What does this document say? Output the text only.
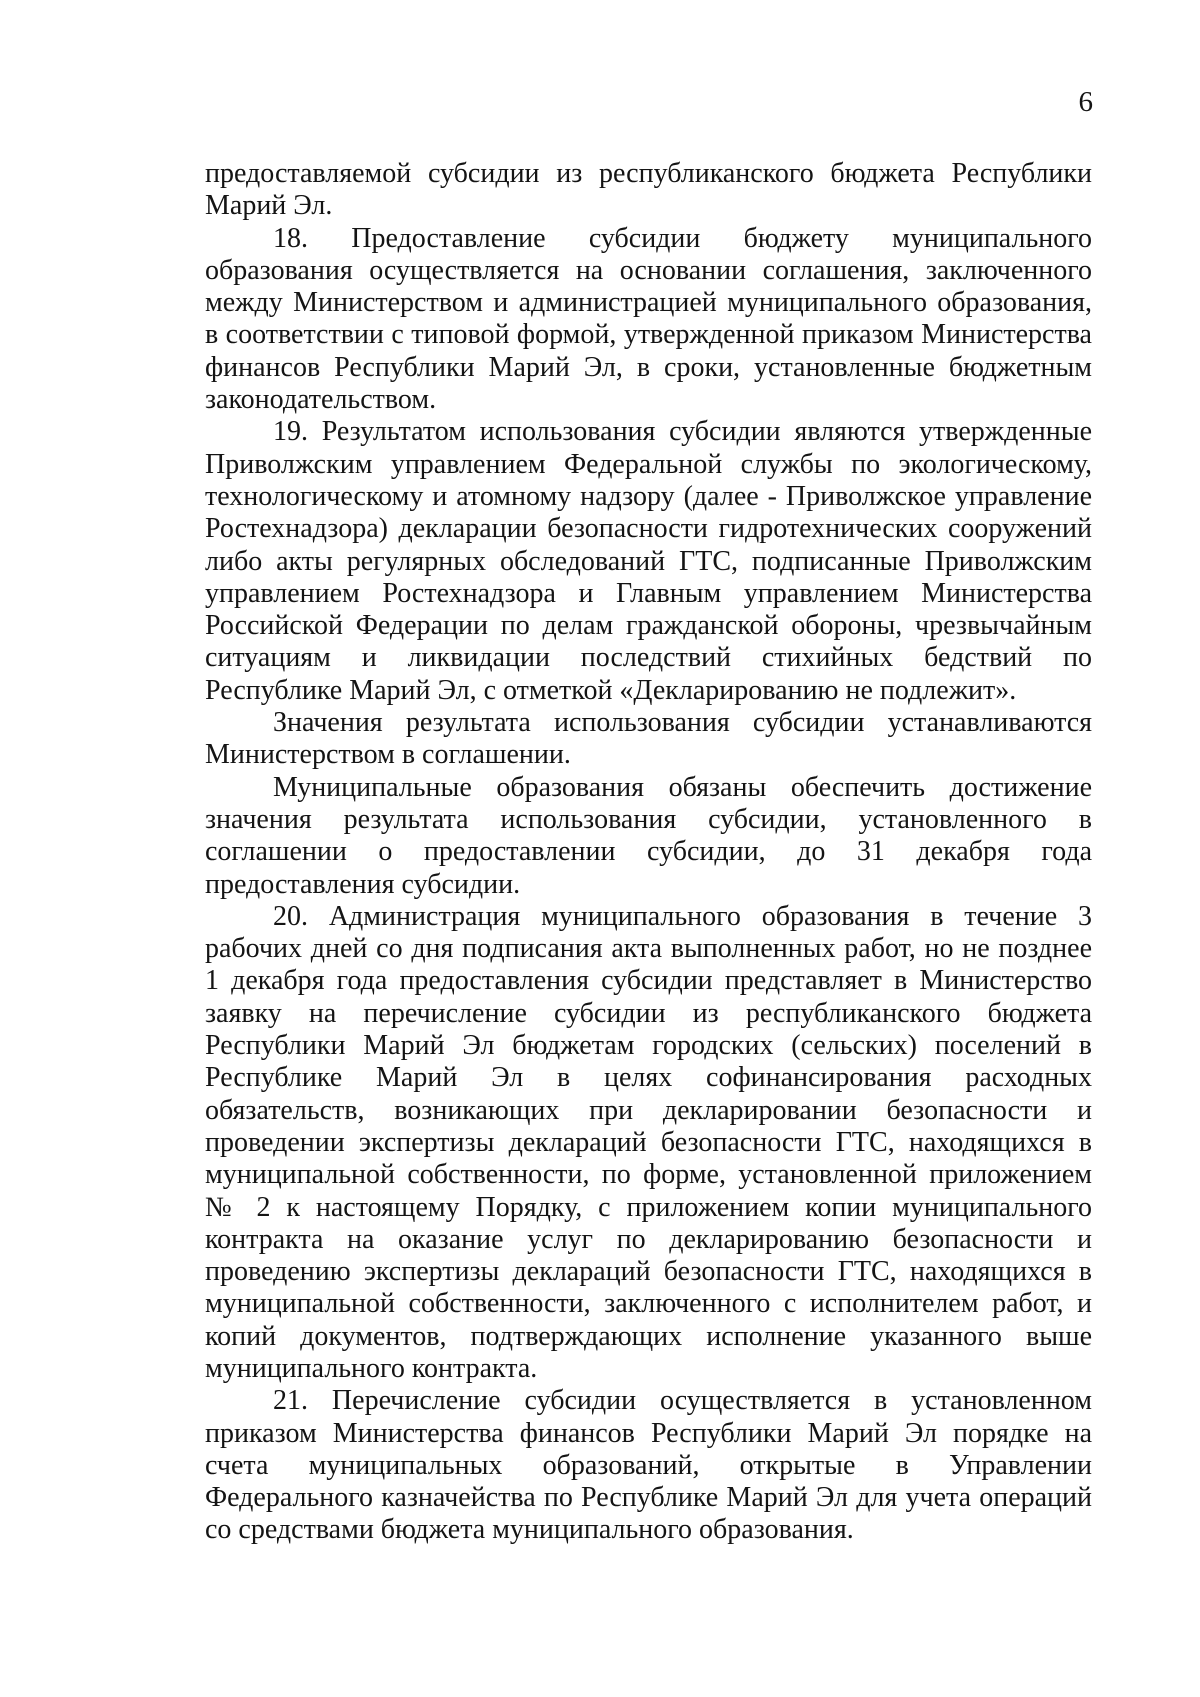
6

предоставляемой субсидии из республиканского бюджета Республики Марий Эл.

18. Предоставление субсидии бюджету муниципального образования осуществляется на основании соглашения, заключенного между Министерством и администрацией муниципального образования, в соответствии с типовой формой, утвержденной приказом Министерства финансов Республики Марий Эл, в сроки, установленные бюджетным законодательством.

19. Результатом использования субсидии являются утвержденные Приволжским управлением Федеральной службы по экологическому, технологическому и атомному надзору (далее - Приволжское управление Ростехнадзора) декларации безопасности гидротехнических сооружений либо акты регулярных обследований ГТС, подписанные Приволжским управлением Ростехнадзора и Главным управлением Министерства Российской Федерации по делам гражданской обороны, чрезвычайным ситуациям и ликвидации последствий стихийных бедствий по Республике Марий Эл, с отметкой «Декларированию не подлежит».

Значения результата использования субсидии устанавливаются Министерством в соглашении.

Муниципальные образования обязаны обеспечить достижение значения результата использования субсидии, установленного в соглашении о предоставлении субсидии, до 31 декабря года предоставления субсидии.

20. Администрация муниципального образования в течение 3 рабочих дней со дня подписания акта выполненных работ, но не позднее 1 декабря года предоставления субсидии представляет в Министерство заявку на перечисление субсидии из республиканского бюджета Республики Марий Эл бюджетам городских (сельских) поселений в Республике Марий Эл в целях софинансирования расходных обязательств, возникающих при декларировании безопасности и проведении экспертизы деклараций безопасности ГТС, находящихся в муниципальной собственности, по форме, установленной приложением № 2 к настоящему Порядку, с приложением копии муниципального контракта на оказание услуг по декларированию безопасности и проведению экспертизы деклараций безопасности ГТС, находящихся в муниципальной собственности, заключенного с исполнителем работ, и копий документов, подтверждающих исполнение указанного выше муниципального контракта.

21. Перечисление субсидии осуществляется в установленном приказом Министерства финансов Республики Марий Эл порядке на счета муниципальных образований, открытые в Управлении Федерального казначейства по Республике Марий Эл для учета операций со средствами бюджета муниципального образования.
